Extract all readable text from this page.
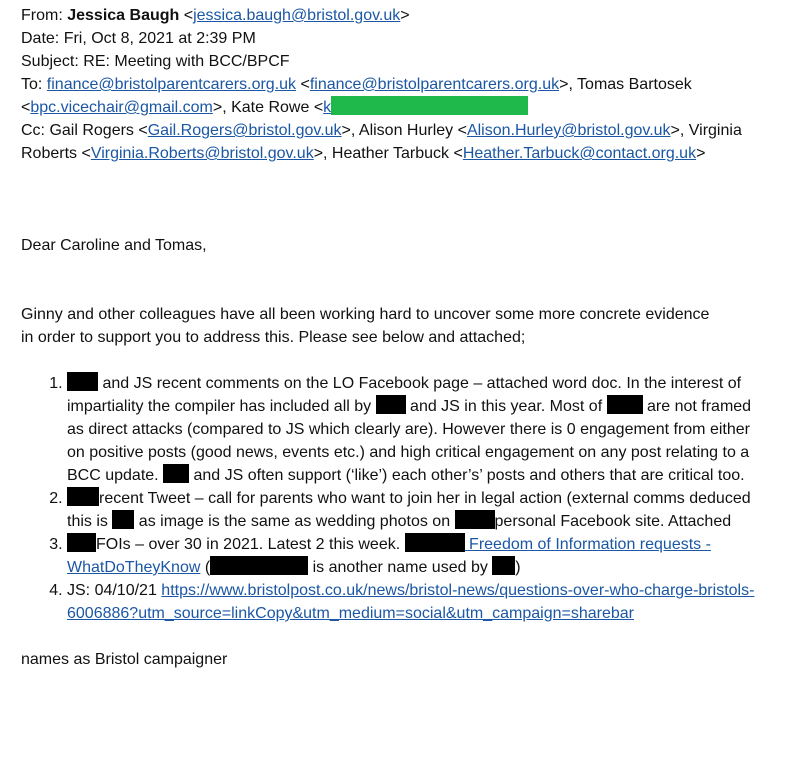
From: Jessica Baugh <jessica.baugh@bristol.gov.uk>
Date: Fri, Oct 8, 2021 at 2:39 PM
Subject: RE: Meeting with BCC/BPCF
To: finance@bristolparentcarers.org.uk <finance@bristolparentcarers.org.uk>, Tomas Bartosek <bpc.vicechair@gmail.com>, Kate Rowe <k
Cc: Gail Rogers <Gail.Rogers@bristol.gov.uk>, Alison Hurley <Alison.Hurley@bristol.gov.uk>, Virginia Roberts <Virginia.Roberts@bristol.gov.uk>, Heather Tarbuck <Heather.Tarbuck@contact.org.uk>

Dear Caroline and Tomas,

Ginny and other colleagues have all been working hard to uncover some more concrete evidence in order to support you to address this. Please see below and attached;

1. and JS recent comments on the LO Facebook page – attached word doc. In the interest of impartiality the compiler has included all by  and JS in this year. Most of  are not framed as direct attacks (compared to JS which clearly are). However there is 0 engagement from either on positive posts (good news, events etc.) and high critical engagement on any post relating to a BCC update.  and JS often support (‘like’) each other’s’ posts and others that are critical too.
2. recent Tweet – call for parents who want to join her in legal action (external comms deduced this is  as image is the same as wedding photos on	personal Facebook site. Attached
3. FOIs – over 30 in 2021. Latest 2 this week.	Freedom of Information requests - WhatDoTheyKnow (	is another name used by )
4. JS: 04/10/21 https://www.bristolpost.co.uk/news/bristol-news/questions-over-who-charge-bristols-6006886?utm_source=linkCopy&utm_medium=social&utm_campaign=sharebar

names as Bristol campaigner
